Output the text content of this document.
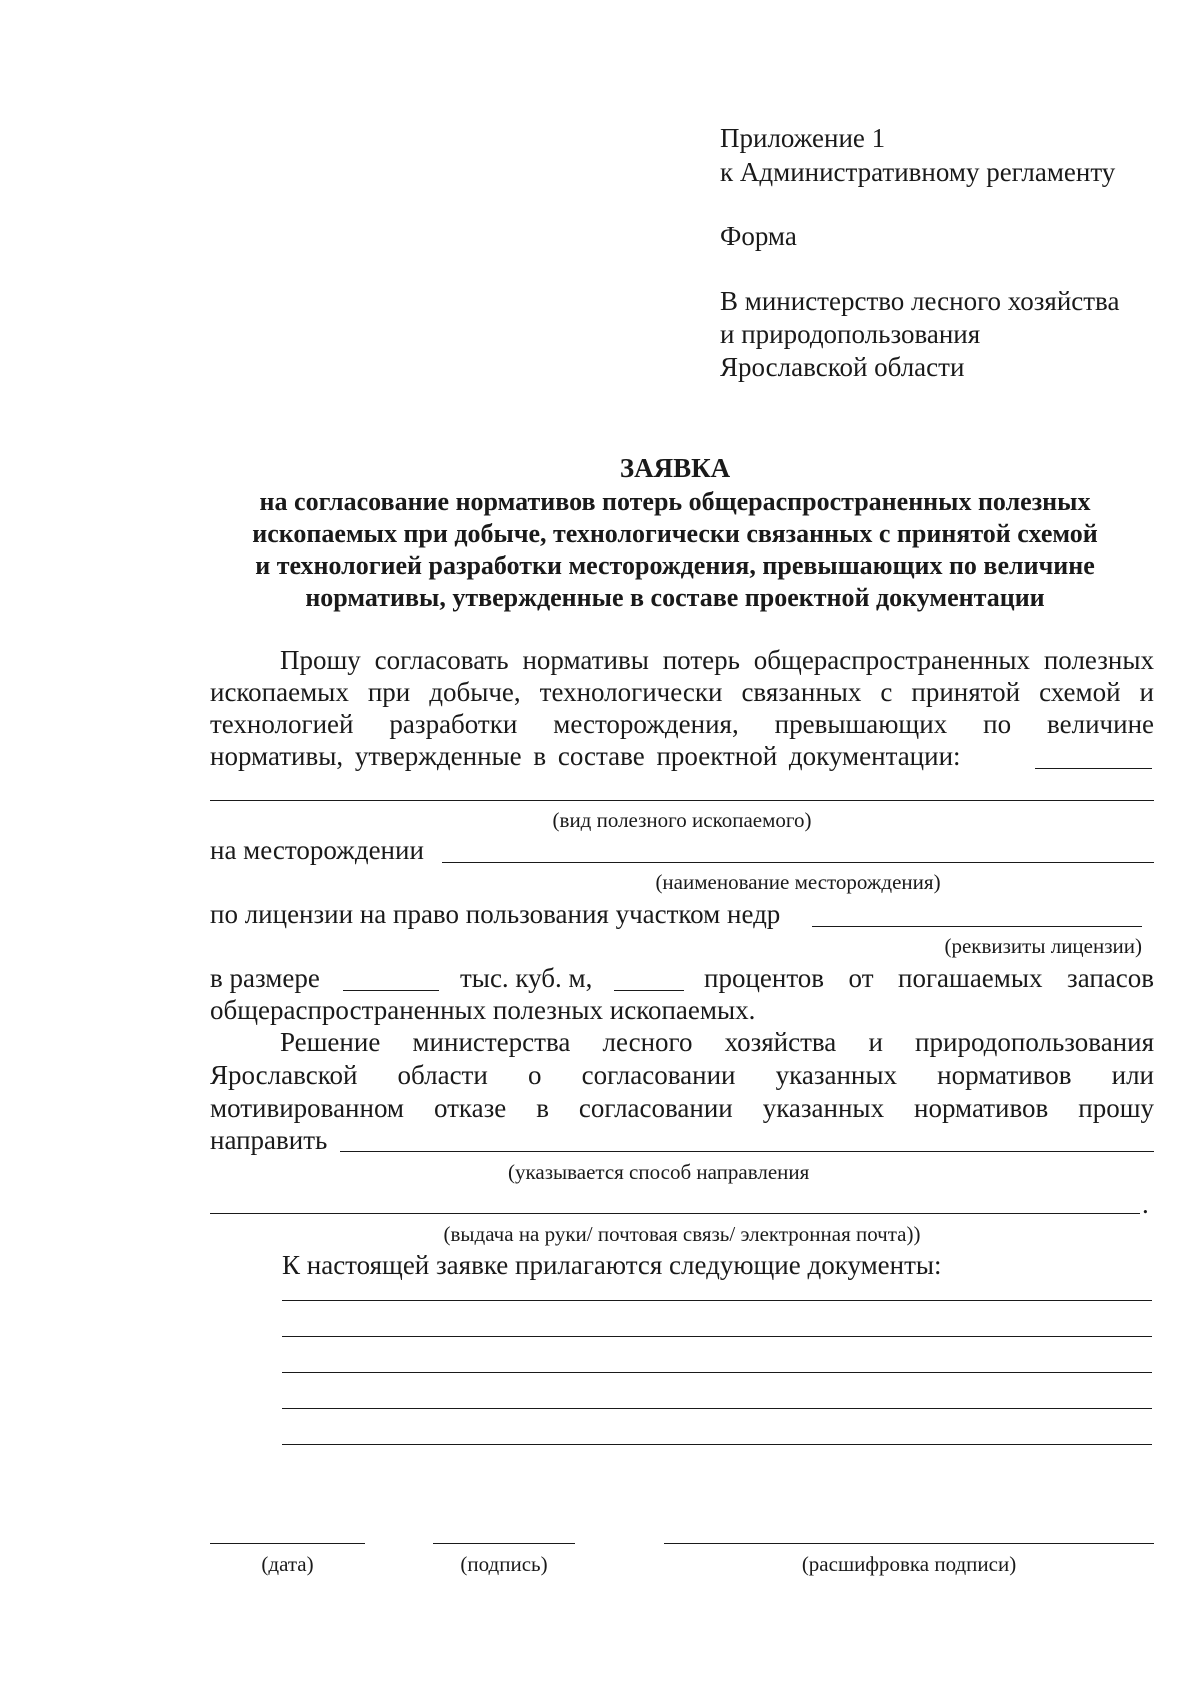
Приложение 1
к Административному регламенту
Форма
В министерство лесного хозяйства
и природопользования
Ярославской области
ЗАЯВКА
на согласование нормативов потерь общераспространенных полезных
ископаемых при добыче, технологически связанных с принятой схемой
и технологией разработки месторождения, превышающих по величине
нормативы, утвержденные в составе проектной документации
Прошу согласовать нормативы потерь общераспространенных полезных
ископаемых при добыче, технологически связанных с принятой схемой и
технологией разработки месторождения, превышающих по величине
нормативы, утвержденные в составе проектной документации:
(вид полезного ископаемого)
на месторождении
(наименование месторождения)
по лицензии на право пользования участком недр
(реквизиты лицензии)
в размере	тыс. куб. м,	процентов от погашаемых запасов
общераспространенных полезных ископаемых.
Решение министерства лесного хозяйства и природопользования
Ярославской области о согласовании указанных нормативов или
мотивированном отказе в согласовании указанных нормативов прошу
направить
(указывается способ направления
.
(выдача на руки/ почтовая связь/ электронная почта))
К настоящей заявке прилагаются следующие документы:
(дата)	(подпись)	(расшифровка подписи)
